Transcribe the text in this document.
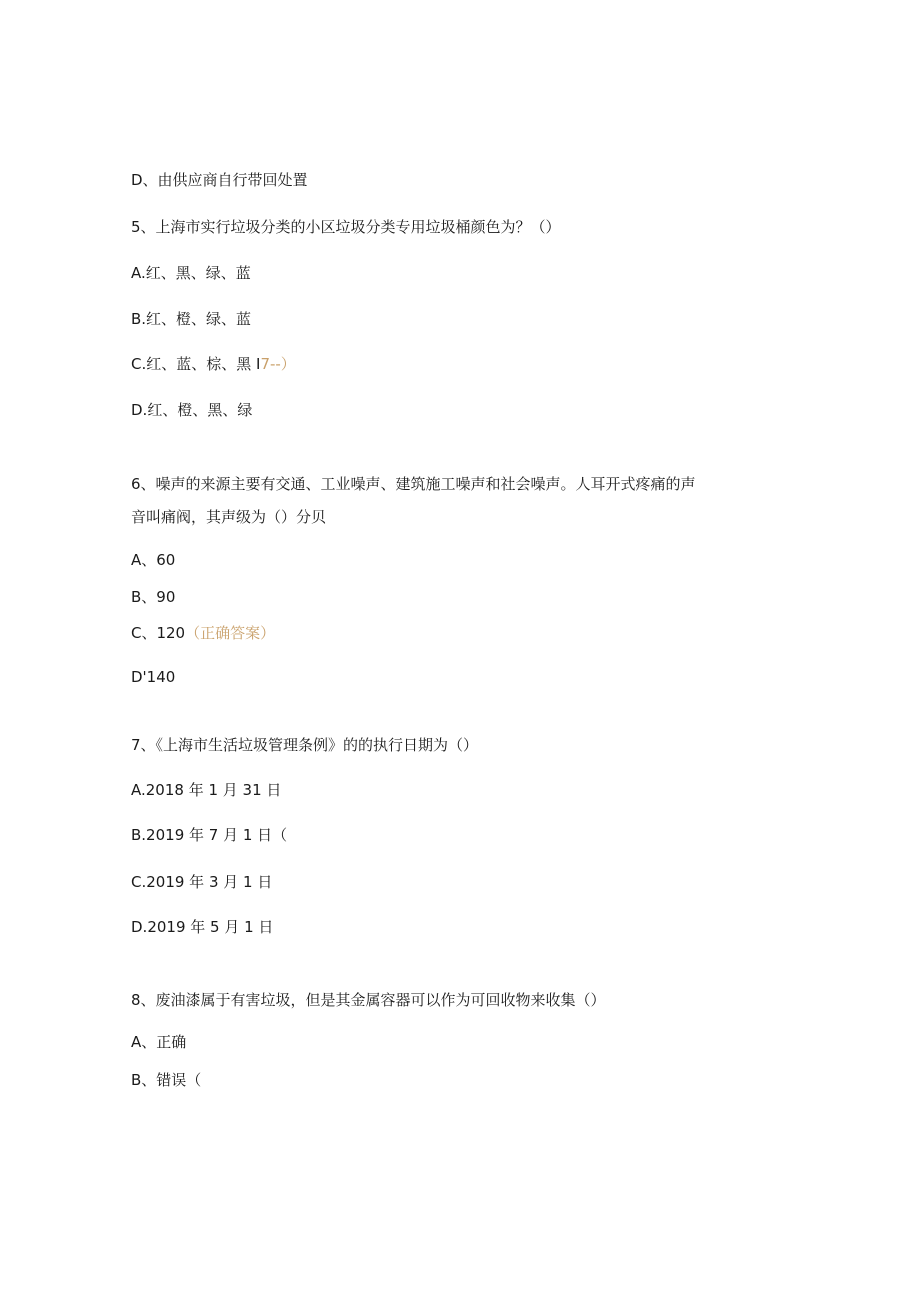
D、由供应商自行带回处置
5、上海市实行垃圾分类的小区垃圾分类专用垃圾桶颜色为？（）
A.红、黑、绿、蓝
B.红、橙、绿、蓝
C.红、蓝、棕、黑 I7--）
D.红、橙、黑、绿
6、噪声的来源主要有交通、工业噪声、建筑施工噪声和社会噪声。人耳开式疼痛的声
音叫痛阀，其声级为（）分贝
A、60
B、90
C、120（正确答案）
D'140
7、《上海市生活垃圾管理条例》的的执行日期为（）
A.2018 年 1 月 31 日
B.2019 年 7 月 1 日（
C.2019 年 3 月 1 日
D.2019 年 5 月 1 日
8、废油漆属于有害垃圾，但是其金属容器可以作为可回收物来收集（）
A、正确
B、错误（
